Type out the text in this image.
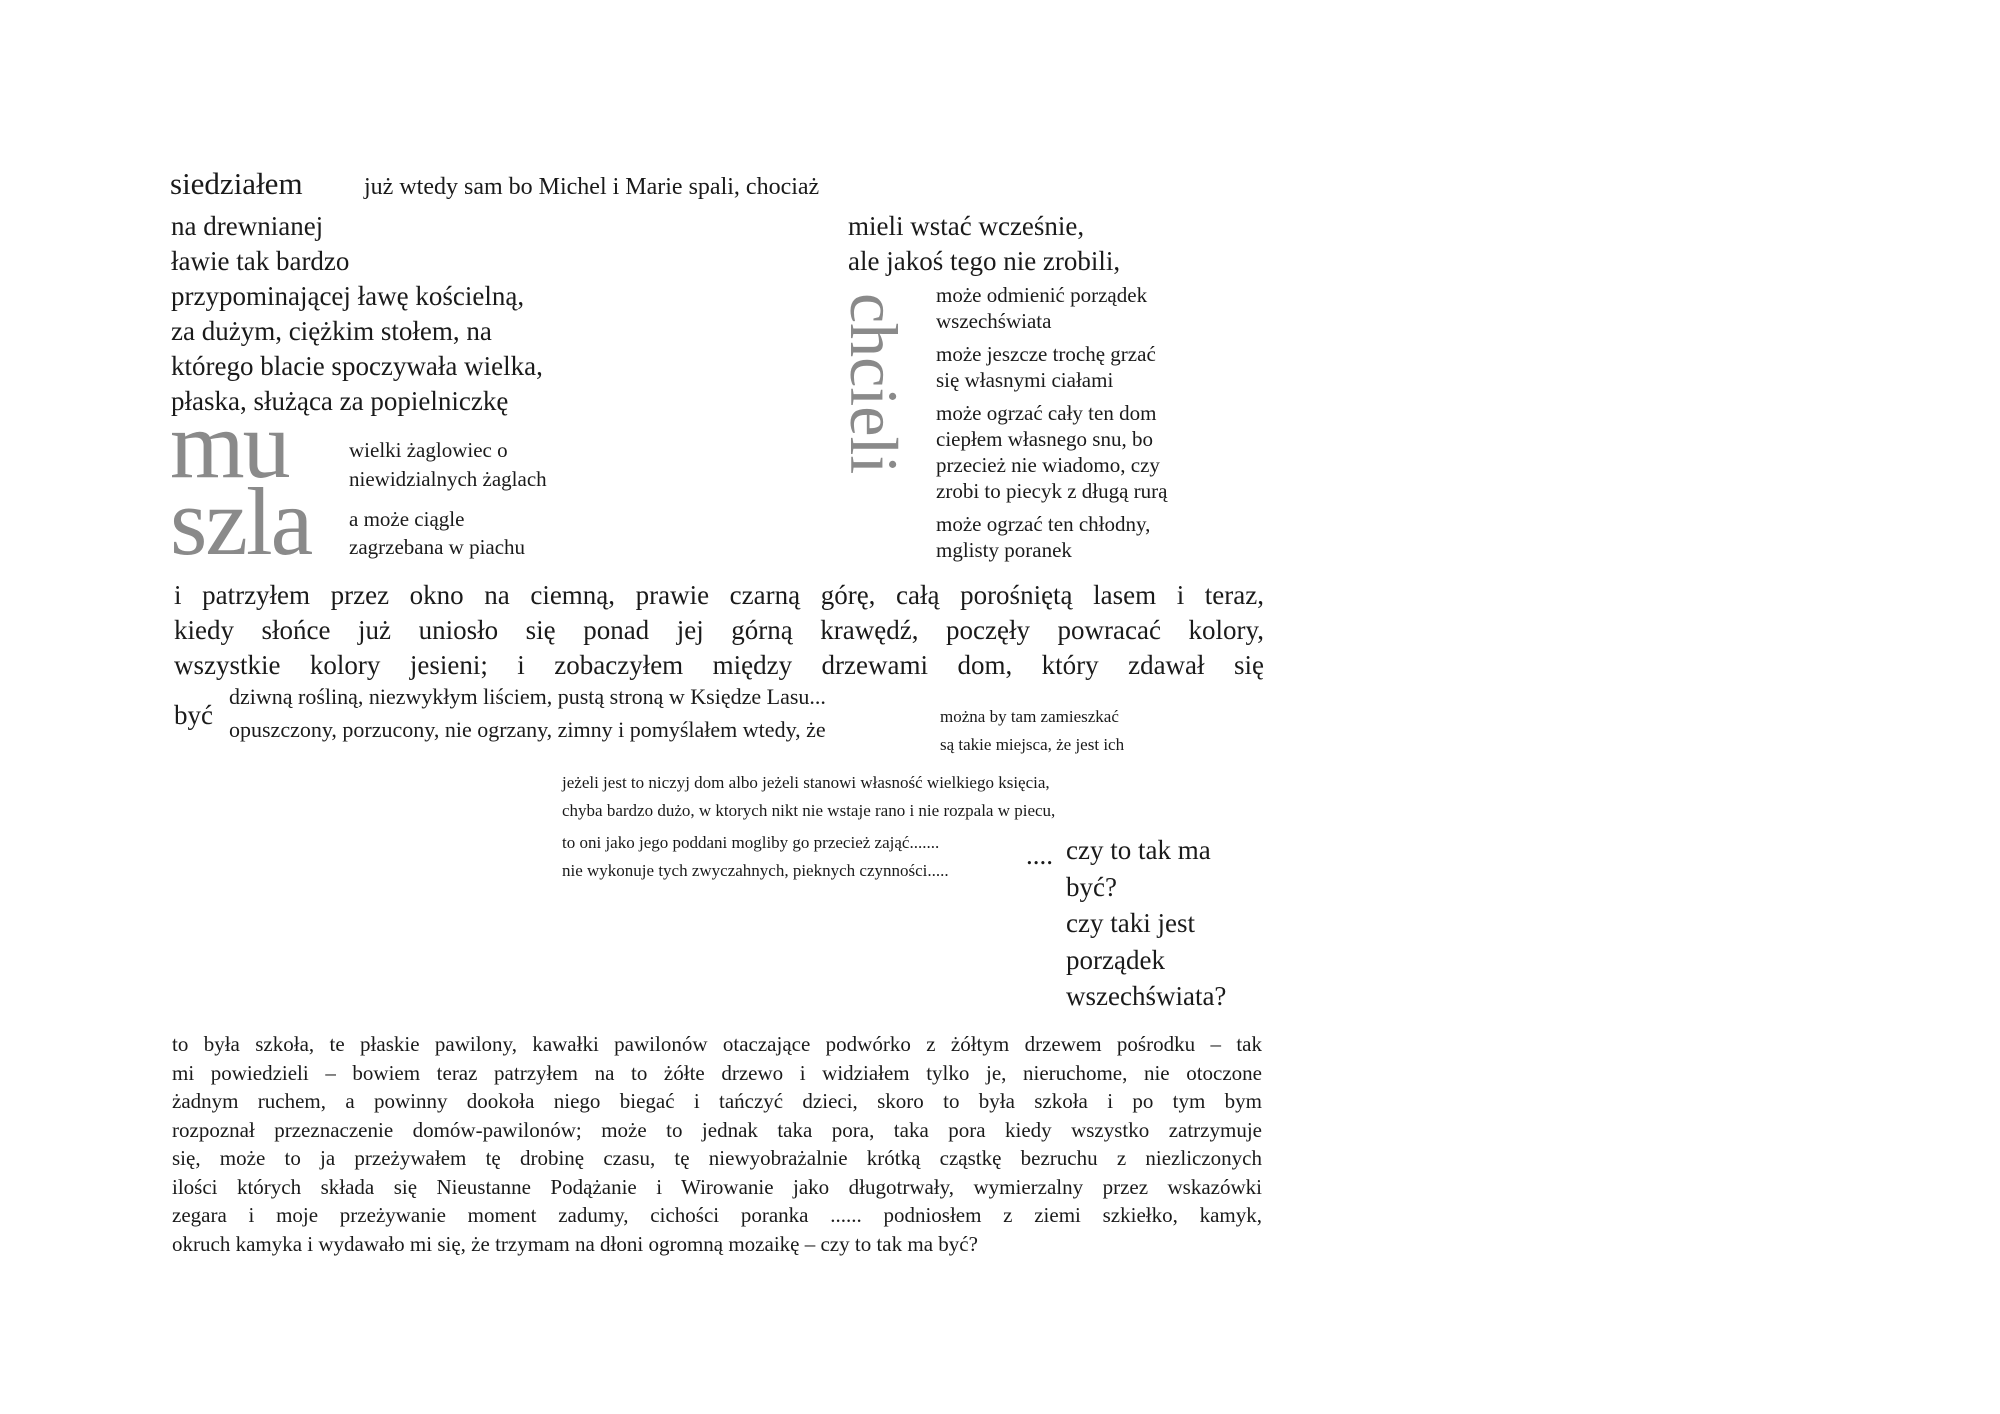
siedziałem	już wtedy sam bo Michel i Marie spali, chociaż
na drewnianej
ławie tak bardzo
przypominającej ławę kościelną,
za dużym, ciężkim stołem, na
którego blacie spoczywała wielka,
płaska, służąca za popielniczkę
mu
szla
wielki żaglowiec o
niewidzialnych żaglach
a może ciągle
zagrzebana w piachu
mieli wstać wcześnie,
ale jakoś tego nie zrobili,
chcieli może odmienić porządek
wszechświata
może jeszcze trochę grzać
się własnymi ciałami
może ogrzać cały ten dom
ciepłem własnego snu, bo
przecież nie wiadomo, czy
zrobi to piecyk z długą rurą
może ogrzać ten chłodny,
mglisty poranek
i patrzyłem przez okno na ciemną, prawie czarną górę, całą porośniętą lasem i teraz,
kiedy słońce już uniosło się ponad jej górną krawędź, poczęły powracać kolory,
wszystkie kolory jesieni; i zobaczyłem między drzewami dom, który zdawał się
być
dziwną rośliną, niezwykłym liściem, pustą stroną w Księdze Lasu...
opuszczony, porzucony, nie ogrzany, zimny i pomyślałem wtedy, że
można by tam zamieszkać
są takie miejsca, że jest ich
jeżeli jest to niczyj dom albo jeżeli stanowi własność wielkiego księcia,
chyba bardzo dużo, w ktorych nikt nie wstaje rano i nie rozpala w piecu,
to oni jako jego poddani mogliby go przecież zająć.......
nie wykonuje tych zwyczahnych, pieknych czynności.....
.... czy to tak ma
być?
czy taki jest
porządek
wszechświata?
to była szkoła, te płaskie pawilony, kawałki pawilonów otaczające podwórko z żółtym drzewem pośrodku – tak
mi powiedzieli – bowiem teraz patrzyłem na to żółte drzewo i widziałem tylko je, nieruchome, nie otoczone
żadnym ruchem, a powinny dookoła niego biegać i tańczyć dzieci, skoro to była szkoła i po tym bym
rozpoznał przeznaczenie domów-pawilonów; może to jednak taka pora, taka pora kiedy wszystko zatrzymuje
się, może to ja przeżywałem tę drobinę czasu, tę niewyobrażalnie krótką cząstkę bezruchu z niezliczonych
ilości których składa się Nieustanne Podążanie i Wirowanie jako długotrwały, wymierzalny przez wskazówki
zegara i moje przeżywanie moment zadumy, cichości poranka ...... podniosłem z ziemi szkiełko, kamyk,
okruch kamyka i wydawało mi się, że trzymam na dłoni ogromną mozaikę – czy to tak ma być?
